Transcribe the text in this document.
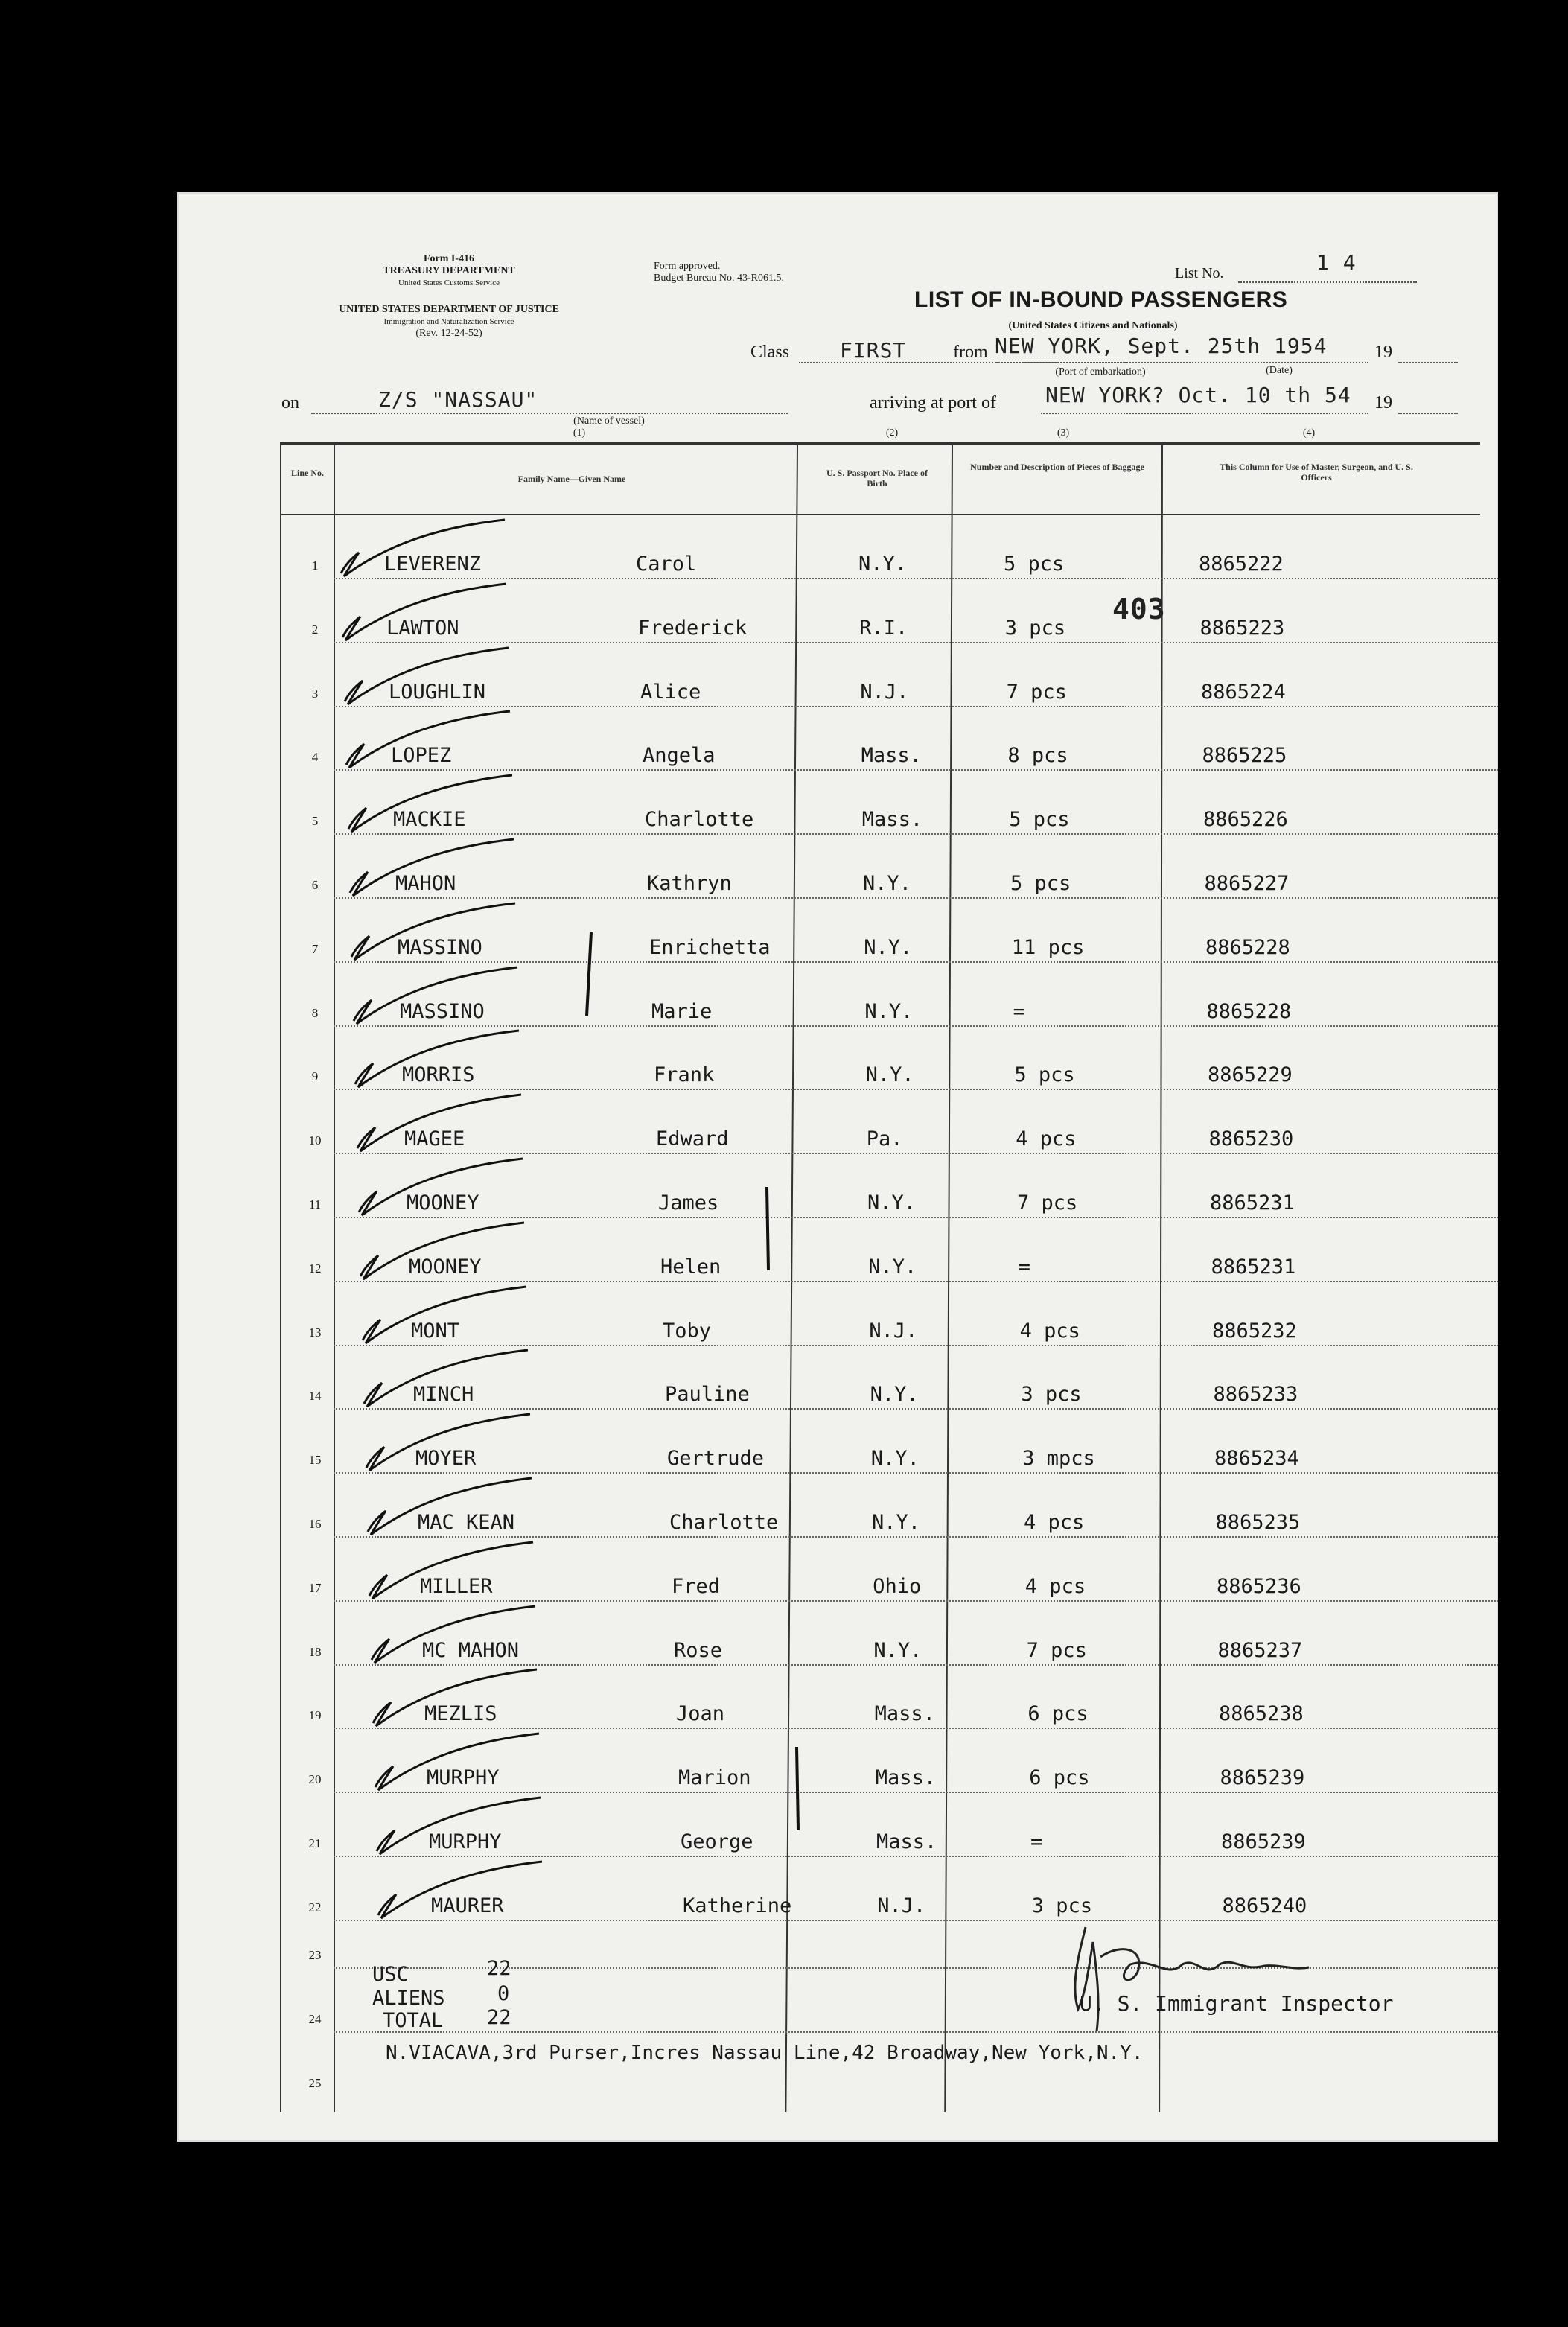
Form I-416
TREASURY DEPARTMENT
United States Customs Service
UNITED STATES DEPARTMENT OF JUSTICE
Immigration and Naturalization Service
(Rev. 12-24-52)
Form approved.
Budget Bureau No. 43-R061.5.	List No.	1 4
LIST OF IN-BOUND PASSENGERS
(United States Citizens and Nationals)
Class FIRST	from NEW YORK, Sept. 25th 1954	19
(Port of embarkation)	(Date)
on	Z/S "NASSAU"
(Name of vessel)
arriving at port of NEW YORK? Oct. 10 th 54 19
(1)	(2)	(3)	(4)
Line No.
Family Name—Given Name
U. S. Passport No. Place of Birth
Number and Description of Pieces of Baggage	This Column for Use of Master, Surgeon, and U. S. Officers
403
1	LEVERENZ	Carol	N.Y.	5 pcs	8865222
2	LAWTON	Frederick	R.I.	3 pcs	8865223
3	LOUGHLIN	Alice	N.J.	7 pcs	8865224
4	LOPEZ	Angela	Mass.	8 pcs	8865225
5	MACKIE	Charlotte	Mass.	5 pcs	8865226
6	MAHON	Kathryn	N.Y.	5 pcs	8865227
7	MASSINO	Enrichetta	N.Y.	11 pcs	8865228
8	MASSINO	Marie	N.Y.	=	8865228
9	MORRIS	Frank	N.Y.	5 pcs	8865229
10	MAGEE	Edward	Pa.	4 pcs	8865230
11	MOONEY	James	N.Y.	7 pcs	8865231
12	MOONEY	Helen	N.Y.	=	8865231
13	MONT	Toby	N.J.	4 pcs	8865232
14	MINCH	Pauline	N.Y.	3 pcs	8865233
15	MOYER	Gertrude	N.Y.	3 mpcs	8865234
16	MAC KEAN	Charlotte	N.Y.	4 pcs	8865235
17	MILLER	Fred	Ohio	4 pcs	8865236
18	MC MAHON	Rose	N.Y.	7 pcs	8865237
19	MEZLIS	Joan	Mass.	6 pcs	8865238
20	MURPHY	Marion	Mass.	6 pcs	8865239
21	MURPHY	George	Mass.	=	8865239
22	MAURER	Katherine	N.J.	3 pcs	8865240
23
24
25
USC	22
ALIENS	0
TOTAL 22
N.VIACAVA,3rd Purser,Incres Nassau Line,42 Broadway,New York,N.Y.
U. S. Immigrant Inspector
